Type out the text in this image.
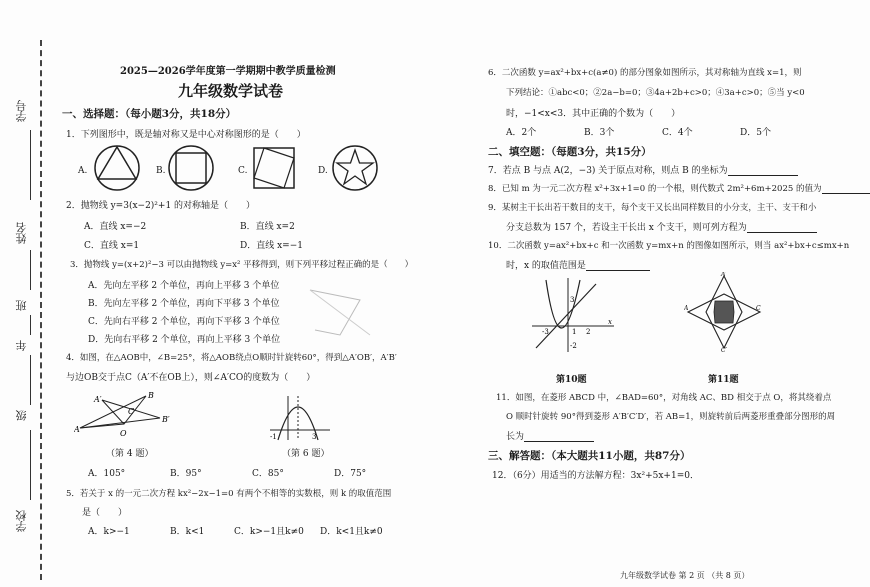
学号
姓名
班
年
级
学校
2025—2026学年度第一学期期中教学质量检测
九年级数学试卷
一、选择题：（每小题3分，共18分）
1．下列图形中，既是轴对称又是中心对称图形的是（　　）
A.	B.	C.	D.
2．抛物线 y=3(x−2)²+1 的对称轴是（　　）
A．直线 x=−2	B．直线 x=2
C．直线 x=1	D．直线 x=−1
3．抛物线 y=(x+2)²−3 可以由抛物线 y=x² 平移得到，则下列平移过程正确的是（　　）
A．先向左平移 2 个单位，再向上平移 3 个单位
B．先向左平移 2 个单位，再向下平移 3 个单位
C．先向右平移 2 个单位，再向下平移 3 个单位
D．先向右平移 2 个单位，再向上平移 3 个单位
4．如图，在△AOB中，∠B=25°，将△AOB绕点O顺时针旋转60°，得到△A′OB′，A′B′
与边OB交于点C（A′不在OB上），则∠A′CO的度数为（　　）
A
A′
O
C
B
B′
（第 4 题）
-1	3
（第 6 题）
A．105°	B．95°	C．85°	D．75°
5．若关于 x 的一元二次方程 kx²−2x−1=0 有两个不相等的实数根，则 k 的取值范围
是（　　）
A．k>−1	B．k<1	C．k>−1且k≠0 D．k<1且k≠0
6．二次函数 y=ax²+bx+c(a≠0) 的部分图象如图所示，其对称轴为直线 x=1，则
下列结论：①abc<0；②2a−b=0；③4a+2b+c>0；④3a+c>0；⑤当 y<0
时，−1<x<3．其中正确的个数为（　　）
A．2个	B．3个	C．4个	D．5个
二、填空题：（每题3分，共15分）
7．若点 B 与点 A(2，−3) 关于原点对称，则点 B 的坐标为
8．已知 m 为一元二次方程 x²+3x+1=0 的一个根，则代数式 2m²+6m+2025 的值为
9．某树主干长出若干数目的支干，每个支干又长出同样数目的小分支，主干、支干和小
分支总数为 157 个，若设主干长出 x 个支干，则可列方程为
10．二次函数 y=ax²+bx+c 和一次函数 y=mx+n 的图像如图所示，则当 ax²+bx+c≤mx+n
时，x 的取值范围是
-3	1 2
3
-2
x
第10题
A′
A	C
C′
第11题
11．如图，在菱形 ABCD 中，∠BAD=60°，对角线 AC、BD 相交于点 O，将其绕着点
O 顺时针旋转 90°得到菱形 A′B′C′D′，若 AB=1，则旋转前后两菱形重叠部分图形的周
长为
三、解答题：（本大题共11小题，共87分）
12．（6分）用适当的方法解方程：3x²+5x+1=0．
九年级数学试卷 第 2 页 （共 8 页）
